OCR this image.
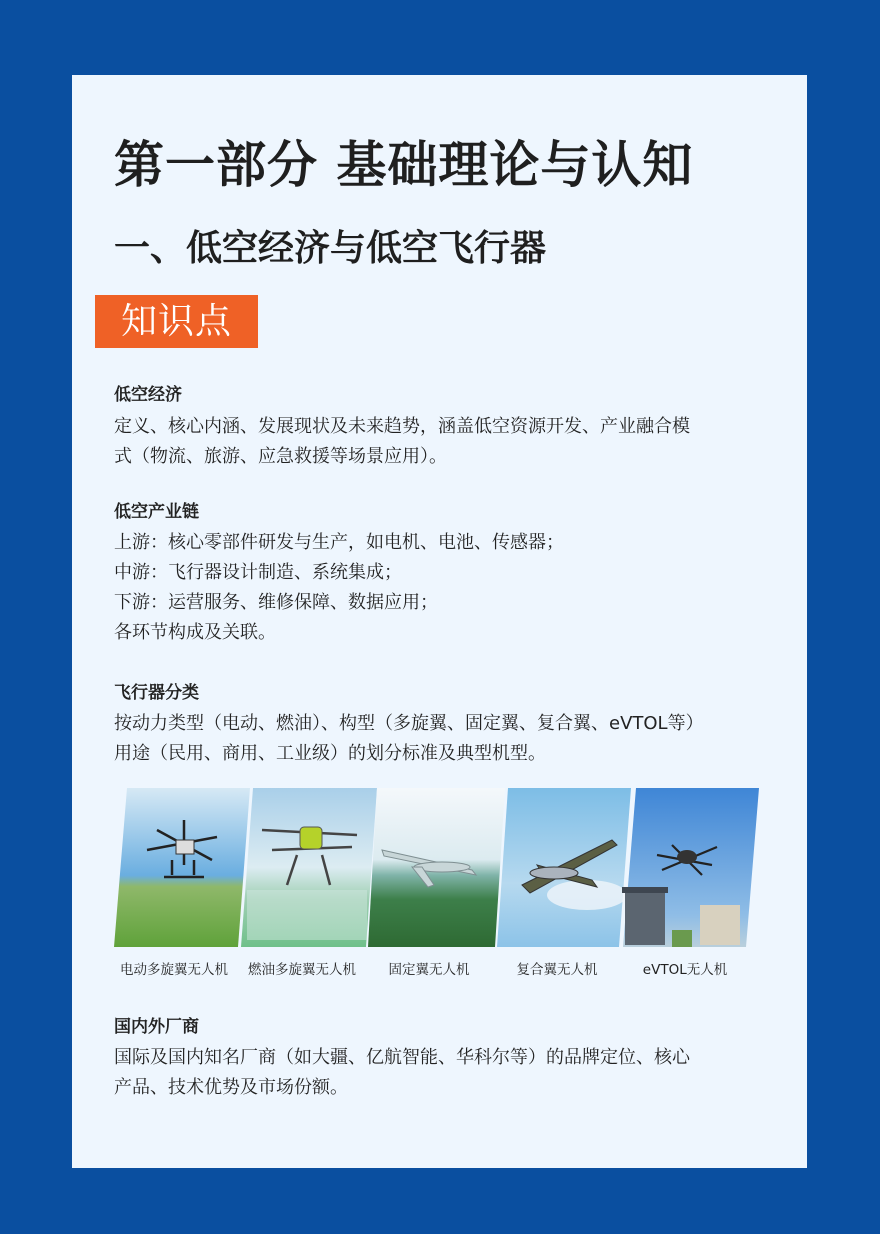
第一部分 基础理论与认知
一、低空经济与低空飞行器
知识点
低空经济
定义、核心内涵、发展现状及未来趋势，涵盖低空资源开发、产业融合模
式（物流、旅游、应急救援等场景应用）。
低空产业链
上游：核心零部件研发与生产，如电机、电池、传感器；
中游：飞行器设计制造、系统集成；
下游：运营服务、维修保障、数据应用；
各环节构成及关联。
飞行器分类
按动力类型（电动、燃油）、构型（多旋翼、固定翼、复合翼、eVTOL等）
用途（民用、商用、工业级）的划分标准及典型机型。
电动多旋翼无人机 燃油多旋翼无人机 固定翼无人机	复合翼无人机	eVTOL无人机
国内外厂商
国际及国内知名厂商（如大疆、亿航智能、华科尔等）的品牌定位、核心
产品、技术优势及市场份额。
